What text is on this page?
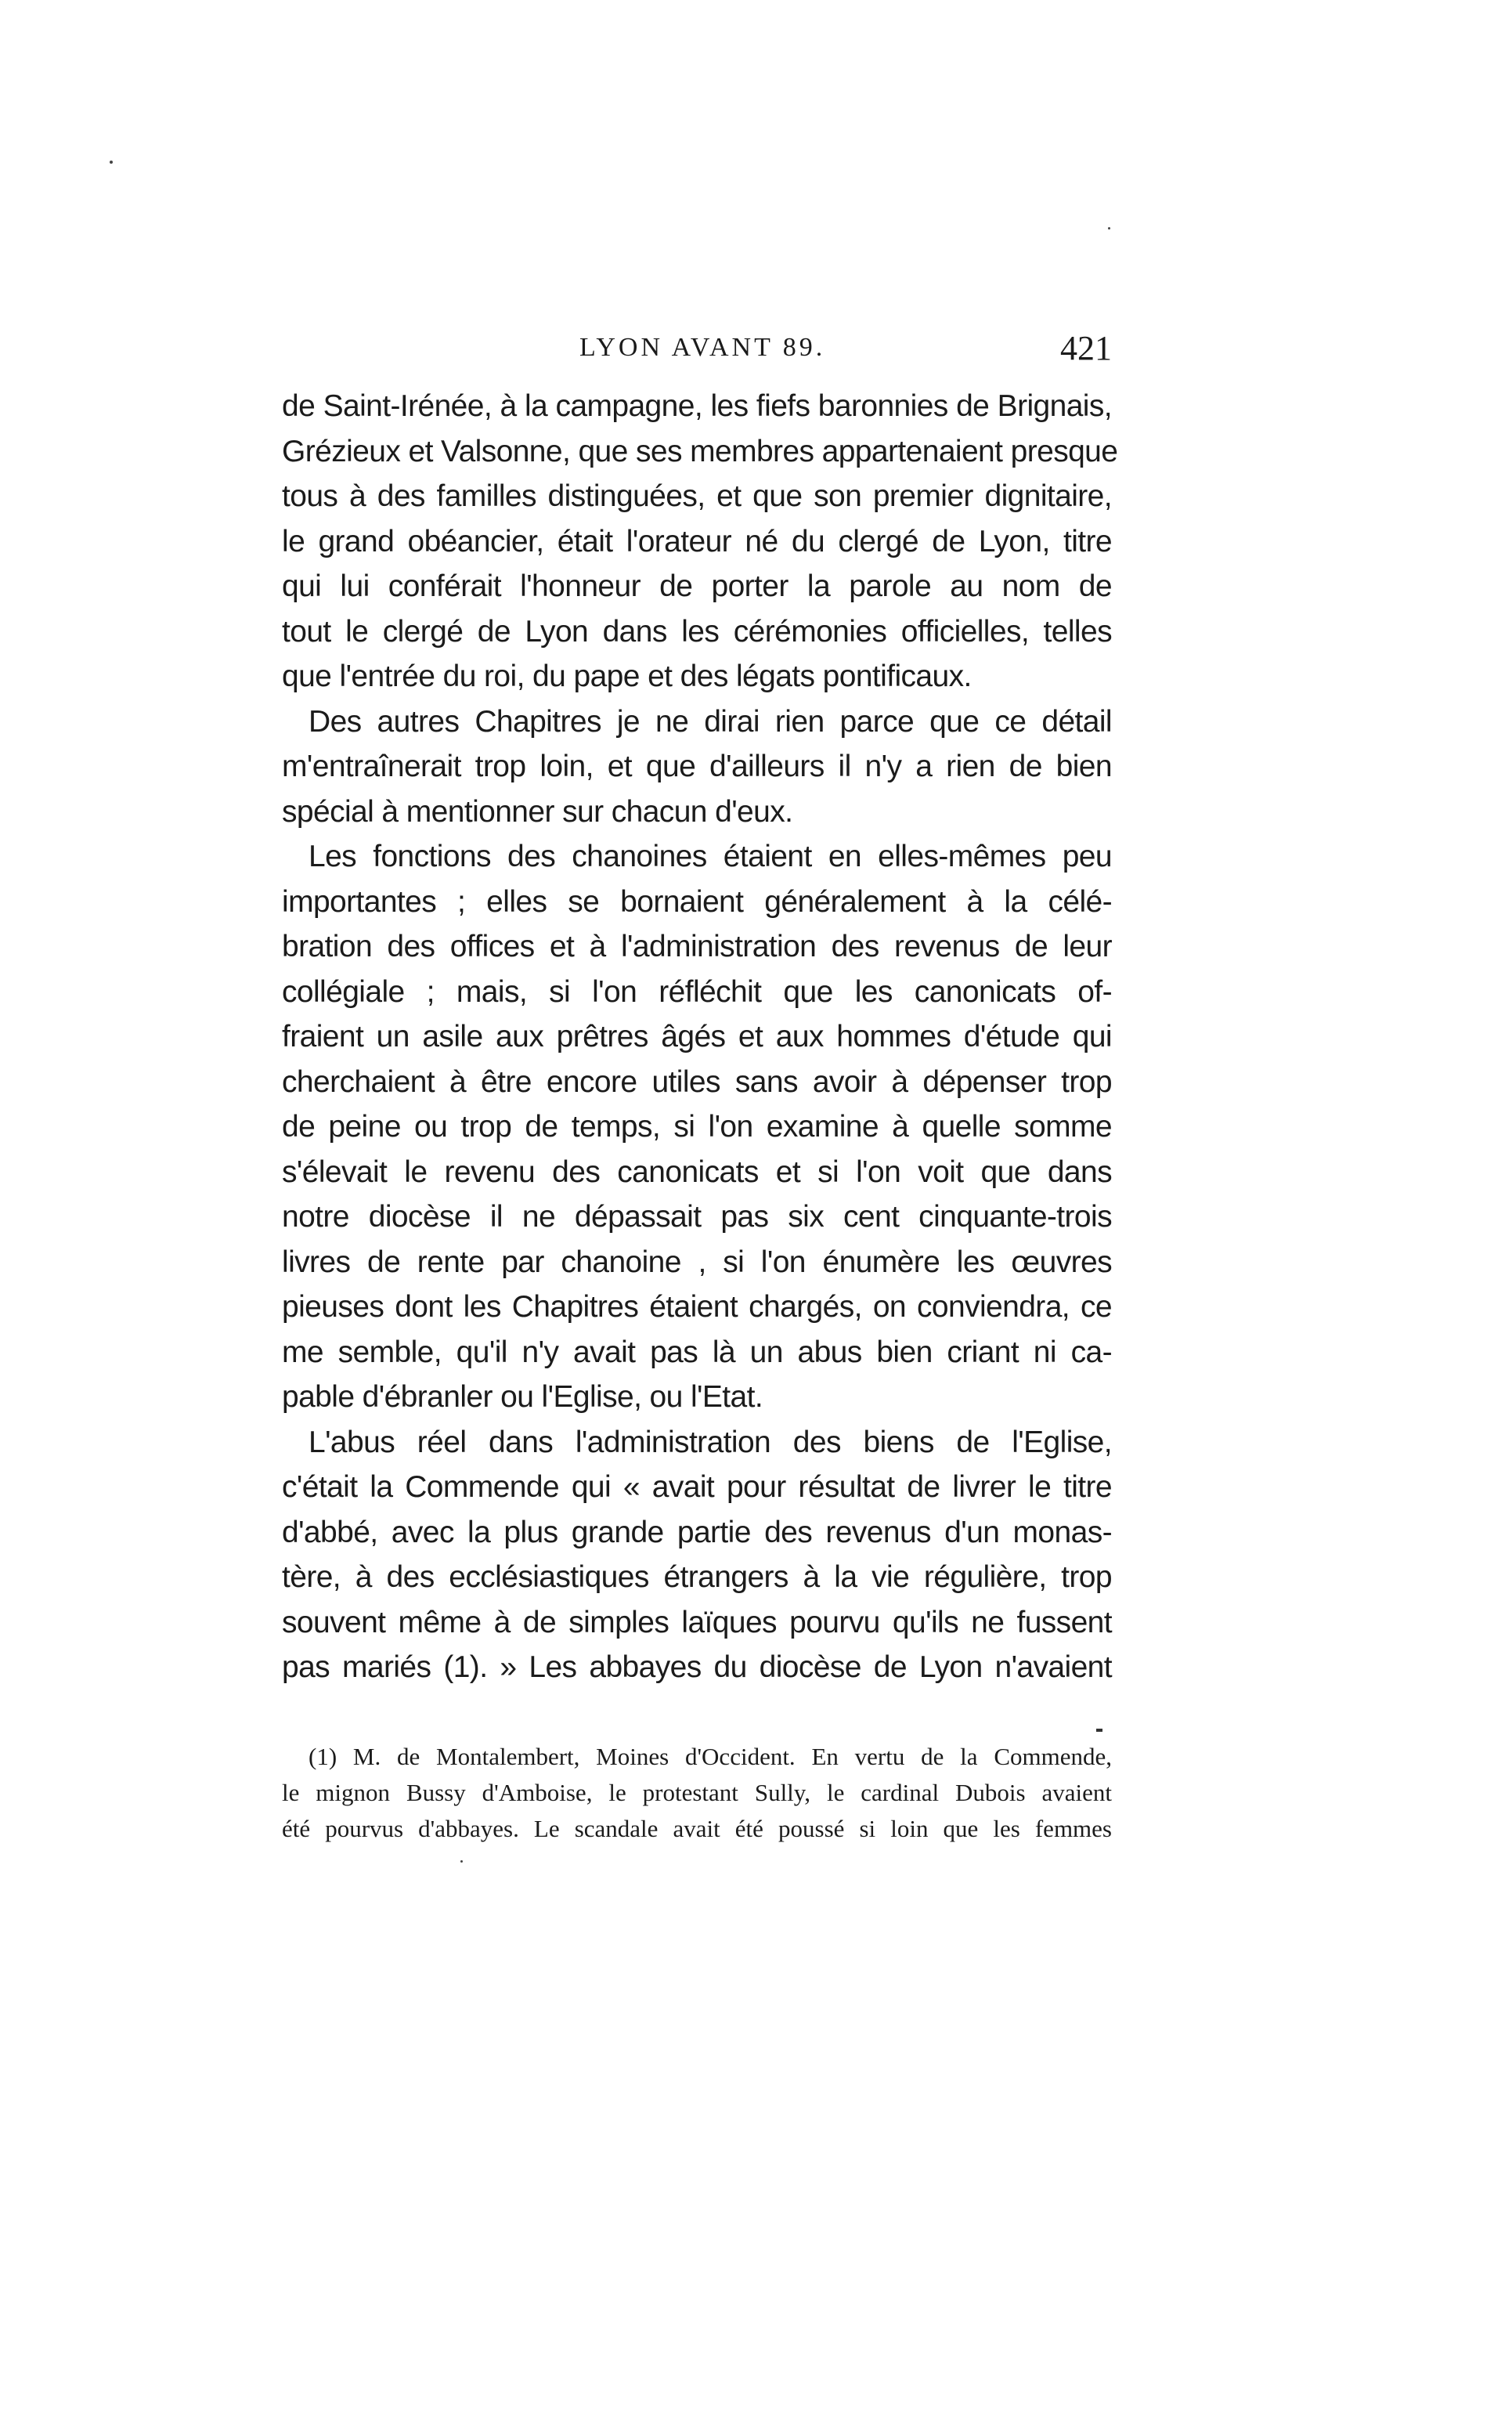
LYON AVANT 89.	421
de Saint-Irénée, à la campagne, les fiefs baronnies de Brignais,
Grézieux et Valsonne, que ses membres appartenaient presque
tous à des familles distinguées, et que son premier dignitaire,
le grand obéancier, était l'orateur né du clergé de Lyon, titre
qui lui conférait l'honneur de porter la parole au nom de
tout le clergé de Lyon dans les cérémonies officielles, telles
que l'entrée du roi, du pape et des légats pontificaux.
Des autres Chapitres je ne dirai rien parce que ce détail
m'entraînerait trop loin, et que d'ailleurs il n'y a rien de bien
spécial à mentionner sur chacun d'eux.
Les fonctions des chanoines étaient en elles-mêmes peu
importantes ; elles se bornaient généralement à la célé-
bration des offices et à l'administration des revenus de leur
collégiale ; mais, si l'on réfléchit que les canonicats of-
fraient un asile aux prêtres âgés et aux hommes d'étude qui
cherchaient à être encore utiles sans avoir à dépenser trop
de peine ou trop de temps, si l'on examine à quelle somme
s'élevait le revenu des canonicats et si l'on voit que dans
notre diocèse il ne dépassait pas six cent cinquante-trois
livres de rente par chanoine , si l'on énumère les œuvres
pieuses dont les Chapitres étaient chargés, on conviendra, ce
me semble, qu'il n'y avait pas là un abus bien criant ni ca-
pable d'ébranler ou l'Eglise, ou l'Etat.
L'abus réel dans l'administration des biens de l'Eglise,
c'était la Commende qui « avait pour résultat de livrer le titre
d'abbé, avec la plus grande partie des revenus d'un monas-
tère, à des ecclésiastiques étrangers à la vie régulière, trop
souvent même à de simples laïques pourvu qu'ils ne fussent
pas mariés (1). » Les abbayes du diocèse de Lyon n'avaient
(1) M. de Montalembert, Moines d'Occident. En vertu de la Commende,
le mignon Bussy d'Amboise, le protestant Sully, le cardinal Dubois avaient
été pourvus d'abbayes. Le scandale avait été poussé si loin que les femmes
